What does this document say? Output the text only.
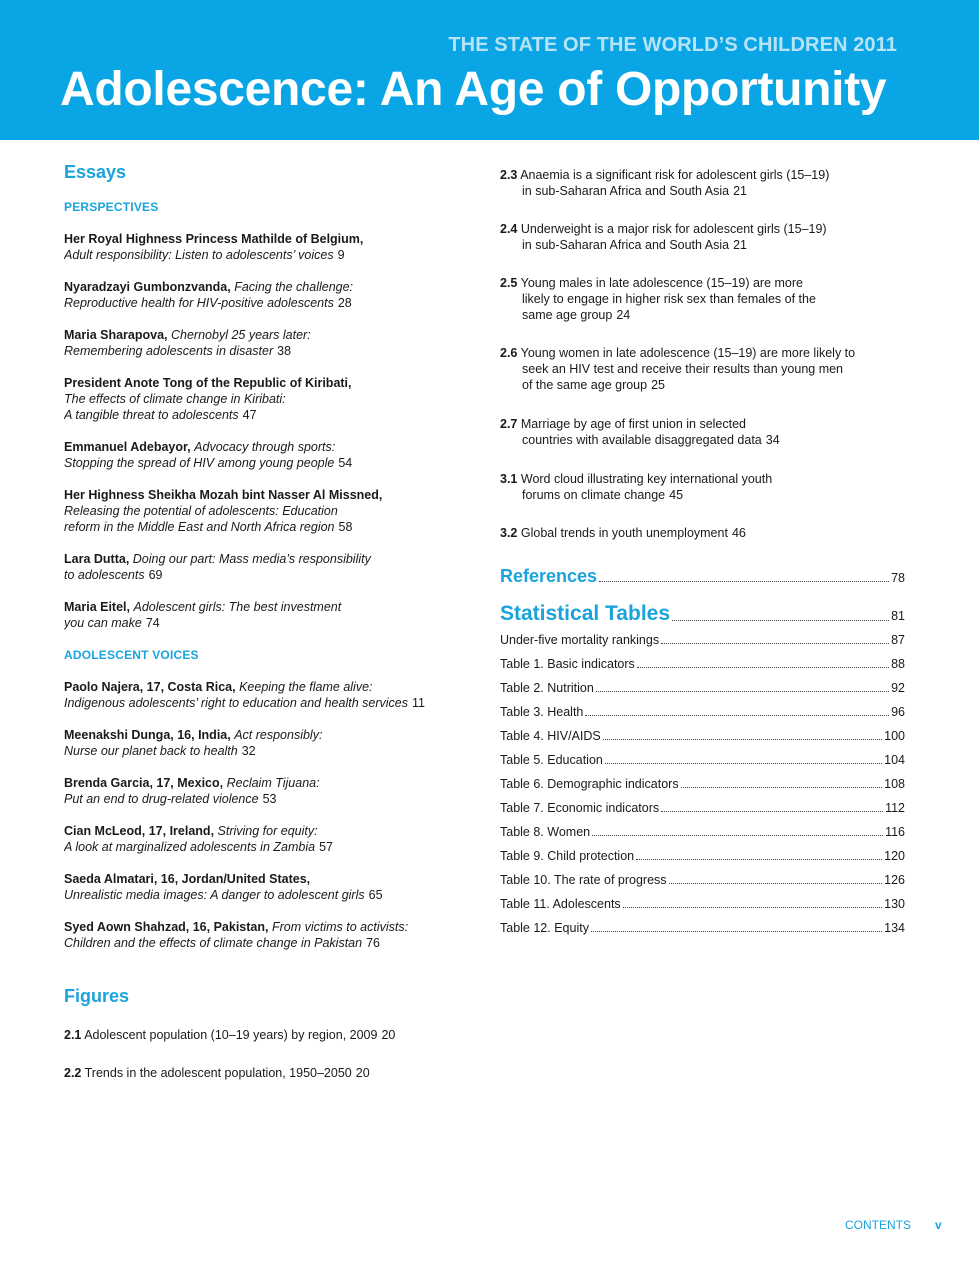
THE STATE OF THE WORLD’S CHILDREN 2011
Adolescence: An Age of Opportunity
Essays
PERSPECTIVES
Her Royal Highness Princess Mathilde of Belgium,
Adult responsibility: Listen to adolescents’ voices 9
Nyaradzayi Gumbonzvanda, Facing the challenge:
Reproductive health for HIV-positive adolescents 28
Maria Sharapova, Chernobyl 25 years later:
Remembering adolescents in disaster 38
President Anote Tong of the Republic of Kiribati,
The effects of climate change in Kiribati:
A tangible threat to adolescents 47
Emmanuel Adebayor, Advocacy through sports:
Stopping the spread of HIV among young people 54
Her Highness Sheikha Mozah bint Nasser Al Missned,
Releasing the potential of adolescents: Education
reform in the Middle East and North Africa region 58
Lara Dutta, Doing our part: Mass media’s responsibility
to adolescents 69
Maria Eitel, Adolescent girls: The best investment
you can make 74
ADOLESCENT VOICES
Paolo Najera, 17, Costa Rica, Keeping the flame alive:
Indigenous adolescents’ right to education and health services 11
Meenakshi Dunga, 16, India, Act responsibly:
Nurse our planet back to health 32
Brenda Garcia, 17, Mexico, Reclaim Tijuana:
Put an end to drug-related violence 53
Cian McLeod, 17, Ireland, Striving for equity:
A look at marginalized adolescents in Zambia 57
Saeda Almatari, 16, Jordan/United States,
Unrealistic media images: A danger to adolescent girls 65
Syed Aown Shahzad, 16, Pakistan, From victims to activists:
Children and the effects of climate change in Pakistan 76
Figures
2.1 Adolescent population (10–19 years) by region, 2009 20
2.2 Trends in the adolescent population, 1950–2050 20
2.3 Anaemia is a significant risk for adolescent girls (15–19)
in sub-Saharan Africa and South Asia 21
2.4 Underweight is a major risk for adolescent girls (15–19)
in sub-Saharan Africa and South Asia 21
2.5 Young males in late adolescence (15–19) are more
likely to engage in higher risk sex than females of the
same age group 24
2.6 Young women in late adolescence (15–19) are more likely to
seek an HIV test and receive their results than young men
of the same age group 25
2.7 Marriage by age of first union in selected
countries with available disaggregated data 34
3.1 Word cloud illustrating key international youth
forums on climate change 45
3.2 Global trends in youth unemployment 46
References	78
Statistical Tables	81
Under-five mortality rankings	87
Table 1. Basic indicators	88
Table 2. Nutrition	92
Table 3. Health	96
Table 4. HIV/AIDS	100
Table 5. Education	104
Table 6. Demographic indicators	108
Table 7. Economic indicators	112
Table 8. Women	116
Table 9. Child protection	120
Table 10. The rate of progress	126
Table 11. Adolescents	130
Table 12. Equity	134
CONTENTS v
